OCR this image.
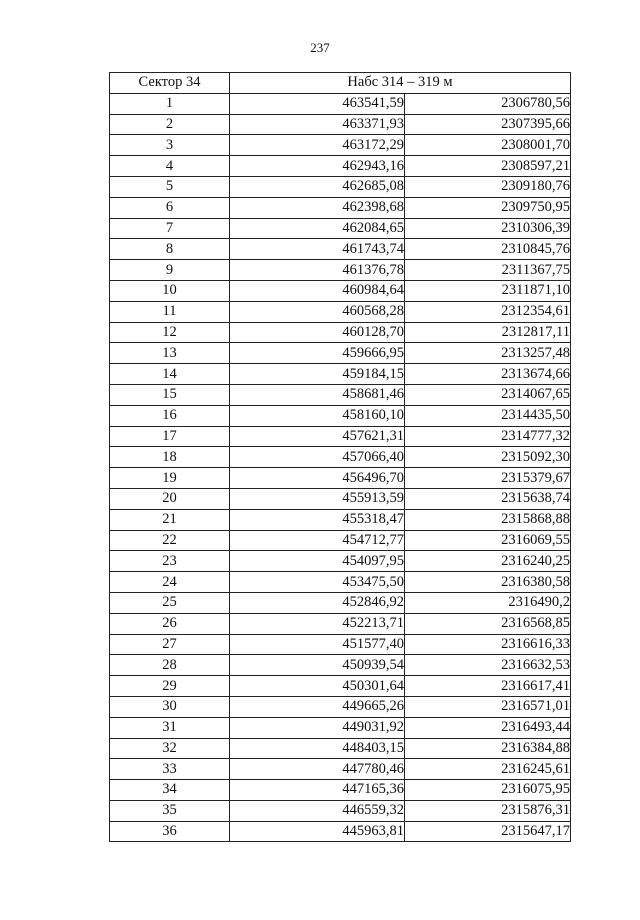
237
Сектор 34	Набс 314 – 319 м	
1	463541,59	2306780,56
2	463371,93	2307395,66
3	463172,29	2308001,70
4	462943,16	2308597,21
5	462685,08	2309180,76
6	462398,68	2309750,95
7	462084,65	2310306,39
8	461743,74	2310845,76
9	461376,78	2311367,75
10	460984,64	2311871,10
11	460568,28	2312354,61
12	460128,70	2312817,11
13	459666,95	2313257,48
14	459184,15	2313674,66
15	458681,46	2314067,65
16	458160,10	2314435,50
17	457621,31	2314777,32
18	457066,40	2315092,30
19	456496,70	2315379,67
20	455913,59	2315638,74
21	455318,47	2315868,88
22	454712,77	2316069,55
23	454097,95	2316240,25
24	453475,50	2316380,58
25	452846,92	2316490,2
26	452213,71	2316568,85
27	451577,40	2316616,33
28	450939,54	2316632,53
29	450301,64	2316617,41
30	449665,26	2316571,01
31	449031,92	2316493,44
32	448403,15	2316384,88
33	447780,46	2316245,61
34	447165,36	2316075,95
35	446559,32	2315876,31
36	445963,81	2315647,17
